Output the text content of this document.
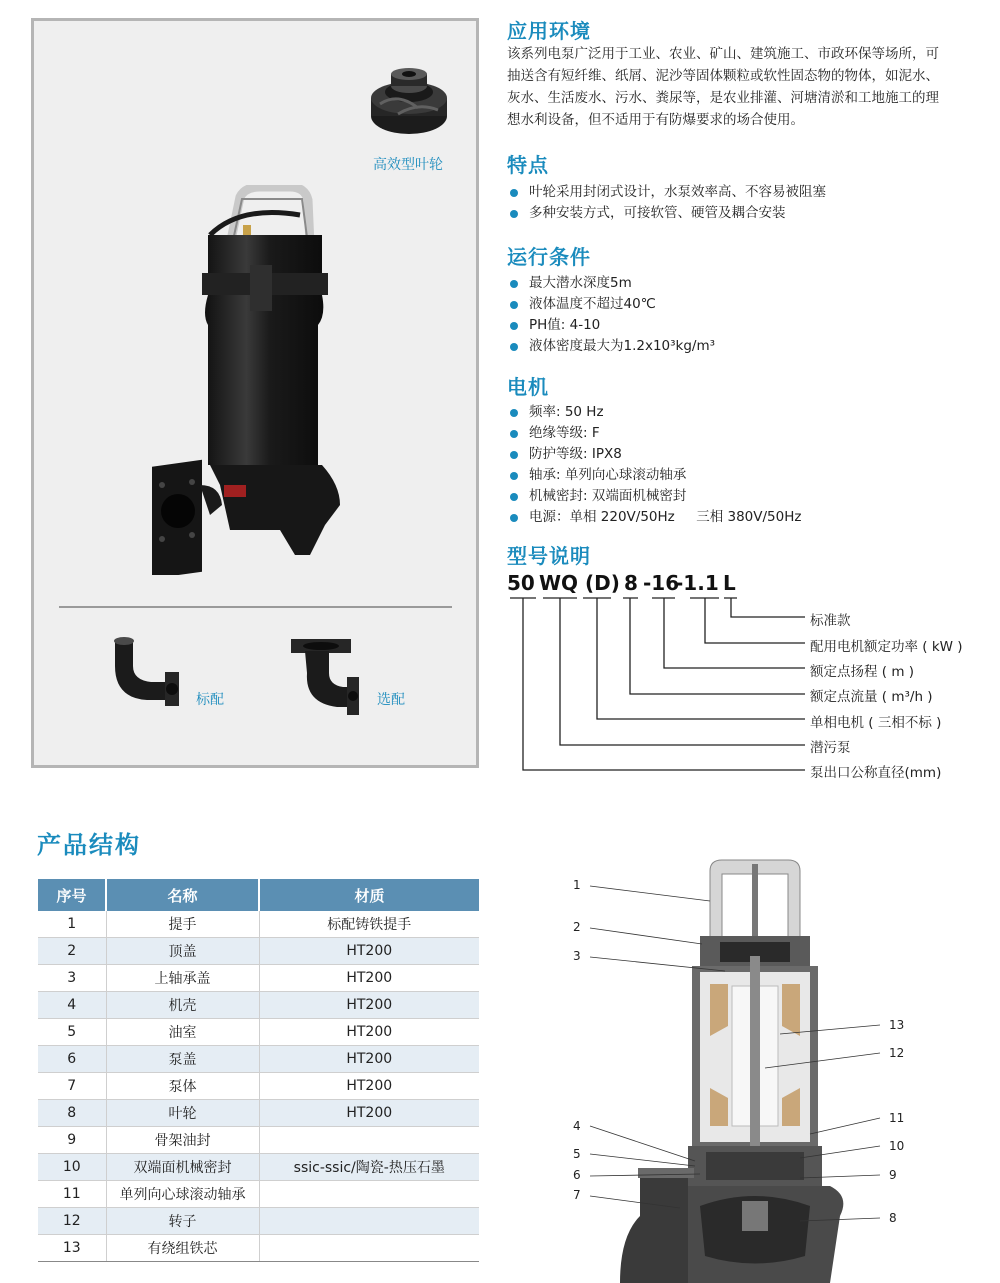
高效型叶轮
标配	选配
应用环境
该系列电泵广泛用于工业、农业、矿山、建筑施工、市政环保等场所，可
抽送含有短纤维、纸屑、泥沙等固体颗粒或软性固态物的物体，如泥水、
灰水、生活废水、污水、粪尿等，是农业排灌、河塘清淤和工地施工的理
想水利设备，但不适用于有防爆要求的场合使用。
特点
叶轮采用封闭式设计，水泵效率高、不容易被阻塞
多种安装方式，可接软管、硬管及耦合安装
运行条件
最大潜水深度5m
液体温度不超过40℃
PH值: 4-10
液体密度最大为1.2x10³kg/m³
电机
频率: 50 Hz
绝缘等级: F
防护等级: IPX8
轴承: 单列向心球滚动轴承
机械密封: 双端面机械密封
电源：单相 220V/50Hz     三相 380V/50Hz
型号说明
50 WQ (D) 8 -16
-1.1 L
标准款
配用电机额定功率 ( kW )
额定点扬程 ( m )
额定点流量 ( m³/h )
单相电机 ( 三相不标 )
潜污泵
泵出口公称直径(mm)
产品结构
序号	名称	材质
1	提手	标配铸铁提手
2	顶盖	HT200
3	上轴承盖	HT200
4	机壳	HT200
5	油室	HT200
6	泵盖	HT200
7	泵体	HT200
8	叶轮	HT200
9	骨架油封	
10	双端面机械密封	ssic-ssic/陶瓷-热压石墨
11	单列向心球滚动轴承	
12	转子	
13	有绕组铁芯	
1
2
3
4
5
6
7
13
12
11
10
9
8
